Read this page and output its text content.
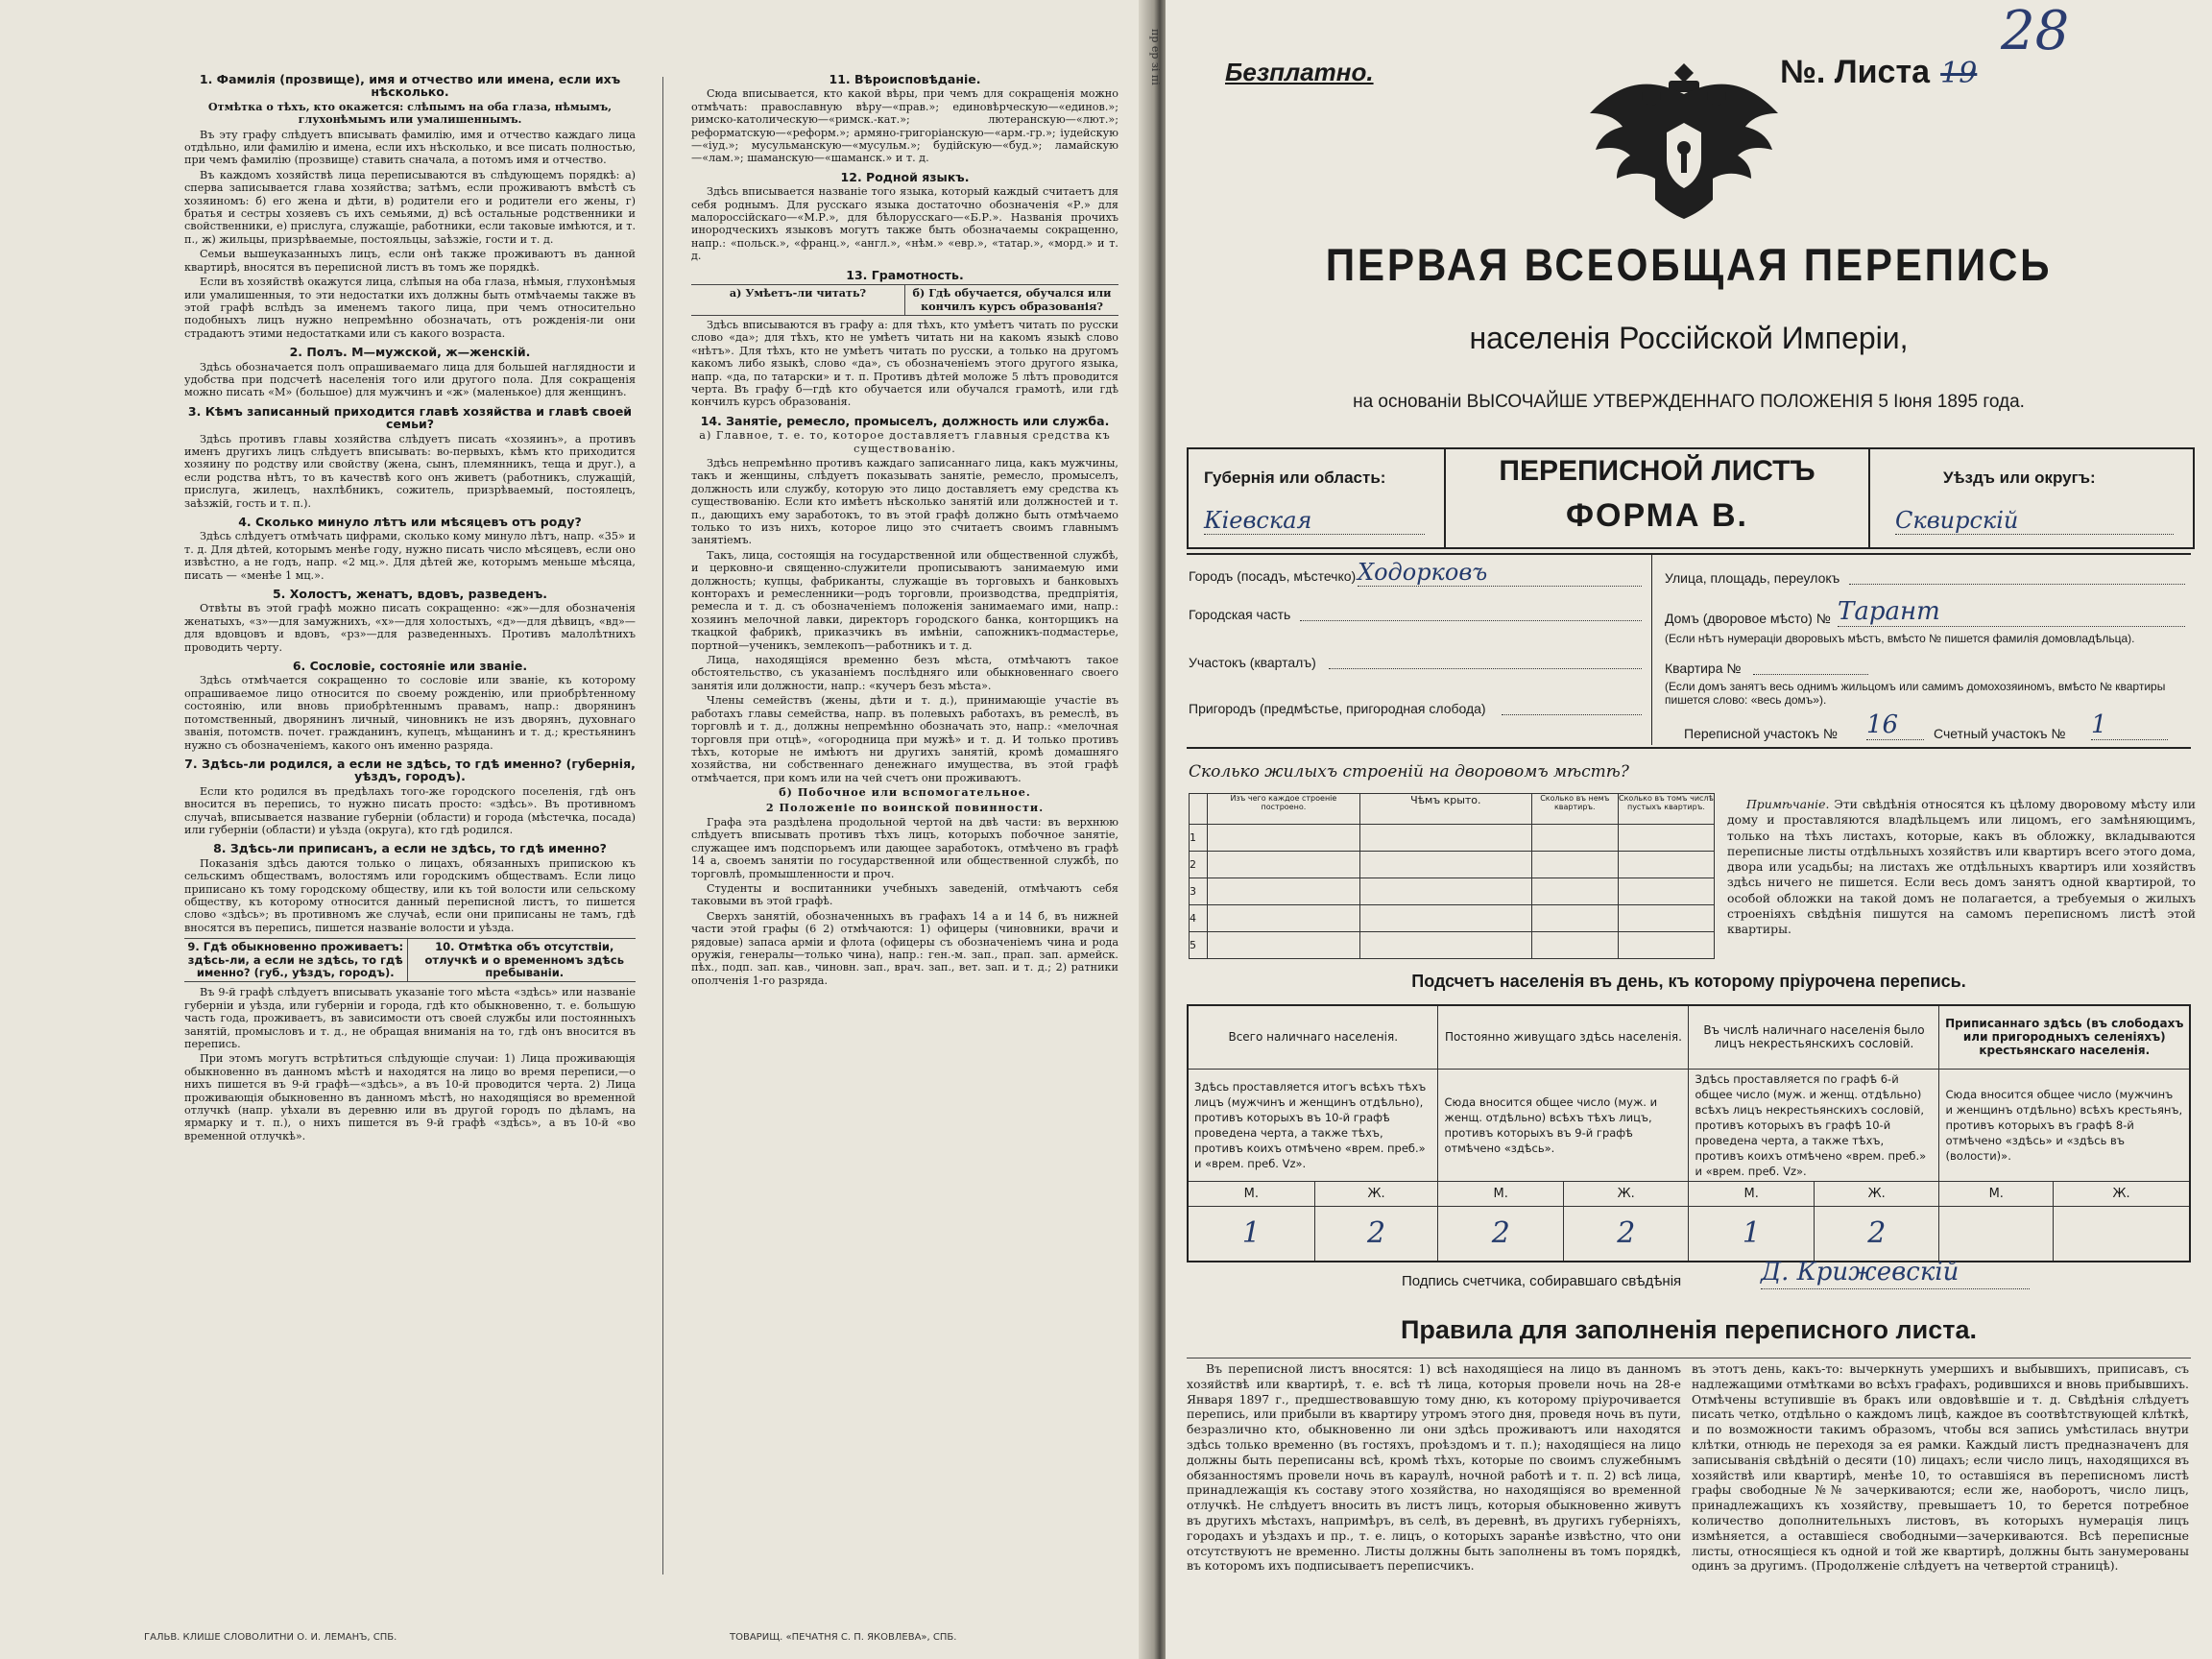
1. Фамилія (прозвище), имя и отчество или имена, если ихъ нѣсколько.
Отмѣтка о тѣхъ, кто окажется: слѣпымъ на оба глаза, нѣмымъ, глухонѣмымъ или умалишеннымъ.

Въ эту графу слѣдуетъ вписывать фамилію, имя и отчество каждаго лица отдѣльно, или фамилію и имена, если ихъ нѣсколько, и все писать полностью, при чемъ фамилію (прозвище) ставить сначала, а потомъ имя и отчество.

Въ каждомъ хозяйствѣ лица переписываются въ слѣдующемъ порядкѣ: а) сперва записывается глава хозяйства; затѣмъ, если проживаютъ вмѣстѣ съ хозяиномъ: б) его жена и дѣти, в) родители его и родители его жены, г) братья и сестры хозяевъ съ ихъ семьями, д) всѣ остальные родственники и свойственники, е) прислуга, служащіе, работники, если таковые имѣются, и т. п., ж) жильцы, призрѣваемые, постояльцы, заѣзжіе, гости и т. д.

Семьи вышеуказанныхъ лицъ, если онѣ также проживаютъ въ данной квартирѣ, вносятся въ переписной листъ въ томъ же порядкѣ.

Если въ хозяйствѣ окажутся лица, слѣпыя на оба глаза, нѣмыя, глухонѣмыя или умалишенныя, то эти недостатки ихъ должны быть отмѣчаемы также въ этой графѣ вслѣдъ за именемъ такого лица, при чемъ относительно подобныхъ лицъ нужно непремѣнно обозначать, отъ рожденія-ли они страдаютъ этими недостатками или съ какого возраста.

2. Полъ. М—мужской, ж—женскій.

Здѣсь обозначается полъ опрашиваемаго лица для большей наглядности и удобства при подсчетѣ населенія того или другого пола. Для сокращенія можно писать «М» (большое) для мужчинъ и «ж» (маленькое) для женщинъ.

3. Кѣмъ записанный приходится главѣ хозяйства и главѣ своей семьи?

Здѣсь противъ главы хозяйства слѣдуетъ писать «хозяинъ», а противъ именъ другихъ лицъ слѣдуетъ вписывать: во-первыхъ, кѣмъ кто приходится хозяину по родству или свойству (жена, сынъ, племянникъ, теща и друг.), а если родства нѣтъ, то въ качествѣ кого онъ живетъ (работникъ, служащій, прислуга, жилецъ, нахлѣбникъ, сожитель, призрѣваемый, постоялецъ, заѣзжій, гость и т. п.).

4. Сколько минуло лѣтъ или мѣсяцевъ отъ роду?

Здѣсь слѣдуетъ отмѣчать цифрами, сколько кому минуло лѣтъ, напр. «35» и т. д. Для дѣтей, которымъ менѣе году, нужно писать число мѣсяцевъ, если оно извѣстно, а не годъ, напр. «2 мц.». Для дѣтей же, которымъ меньше мѣсяца, писать — «менѣе 1 мц.».

5. Холостъ, женатъ, вдовъ, разведенъ.

Отвѣты въ этой графѣ можно писать сокращенно: «ж»—для обозначенія женатыхъ, «з»—для замужнихъ, «х»—для холостыхъ, «д»—для дѣвицъ, «вд»—для вдовцовъ и вдовъ, «рз»—для разведенныхъ. Противъ малолѣтнихъ проводить черту.

6. Сословіе, состояніе или званіе.

Здѣсь отмѣчается сокращенно то сословіе или званіе, къ которому опрашиваемое лицо относится по своему рожденію, или приобрѣтенному состоянію, или вновь приобрѣтеннымъ правамъ, напр.: дворянинъ потомственный, дворянинъ личный, чиновникъ не изъ дворянъ, духовнаго званія, потомств. почет. гражданинъ, купецъ, мѣщанинъ и т. д.; крестьянинъ нужно съ обозначеніемъ, какого онъ именно разряда.

7. Здѣсь-ли родился, а если не здѣсь, то гдѣ именно? (губернія, уѣздъ, городъ).

Если кто родился въ предѣлахъ того-же городского поселенія, гдѣ онъ вносится въ перепись, то нужно писать просто: «здѣсь». Въ противномъ случаѣ, вписывается название губерніи (области) и города (мѣстечка, посада) или губерніи (области) и уѣзда (округа), кто гдѣ родился.

8. Здѣсь-ли приписанъ, а если не здѣсь, то гдѣ именно?

Показанія здѣсь даются только о лицахъ, обязанныхъ припискою къ сельскимъ обществамъ, волостямъ или городскимъ обществамъ. Если лицо приписано къ тому городскому обществу, или къ той волости или сельскому обществу, къ которому относится данный переписной листъ, то пишется слово «здѣсь»; въ противномъ же случаѣ, если они приписаны не тамъ, гдѣ вносятся въ перепись, пишется названіе волости и уѣзда.

9. Гдѣ обыкновенно проживаетъ: здѣсь-ли, а если не здѣсь, то гдѣ именно? (губ., уѣздъ, городъ).
10. Отмѣтка объ отсутствіи, отлучкѣ и о временномъ здѣсь пребываніи.

Въ 9-й графѣ слѣдуетъ вписывать указаніе того мѣста «здѣсь» или названіе губерніи и уѣзда, или губерніи и города, гдѣ кто обыкновенно, т. е. большую часть года, проживаетъ, въ зависимости отъ своей службы или постоянныхъ занятій, промысловъ и т. д., не обращая вниманія на то, гдѣ онъ вносится въ перепись.

При этомъ могутъ встрѣтиться слѣдующіе случаи: 1) Лица проживающія обыкновенно въ данномъ мѣстѣ и находятся на лицо во время переписи,—о нихъ пишется въ 9-й графѣ—«здѣсь», а въ 10-й проводится черта. 2) Лица проживающія обыкновенно въ данномъ мѣстѣ, но находящіяся во временной отлучкѣ (напр. уѣхали въ деревню или въ другой городъ по дѣламъ, на ярмарку и т. п.), о нихъ пишется въ 9-й графѣ «здѣсь», а въ 10-й «во временной отлучкѣ».

11. Вѣроисповѣданіе.

Сюда вписывается, кто какой вѣры, при чемъ для сокращенія можно отмѣчать: православную вѣру—«прав.»; единовѣрческую—«единов.»; римско-католическую—«римск.-кат.»; лютеранскую—«лют.»; реформатскую—«реформ.»; армяно-григоріанскую—«арм.-гр.»; іудейскую—«іуд.»; мусульманскую—«мусульм.»; будійскую—«буд.»; ламайскую—«лам.»; шаманскую—«шаманск.» и т. д.

12. Родной языкъ.

Здѣсь вписывается названіе того языка, который каждый считаетъ для себя роднымъ. Для русскаго языка достаточно обозначенія «Р.» для малороссійскаго—«М.Р.», для бѣлорусскаго—«Б.Р.». Названія прочихъ инородческихъ языковъ могутъ также быть обозначаемы сокращенно, напр.: «польск.», «франц.», «англ.», «нѣм.» «евр.», «татар.», «морд.» и т. д.

13. Грамотность.
а) Умѣетъ-ли читать?	б) Гдѣ обучается, обучался или кончилъ курсъ образованія?

Здѣсь вписываются въ графу а: для тѣхъ, кто умѣетъ читать по русски слово «да»; для тѣхъ, кто не умѣетъ читать ни на какомъ языкѣ слово «нѣтъ». Для тѣхъ, кто не умѣетъ читать по русски, а только на другомъ какомъ либо языкѣ, слово «да», съ обозначеніемъ этого другого языка, напр. «да, по татарски» и т. п. Противъ дѣтей моложе 5 лѣтъ проводится черта. Въ графу б—гдѣ кто обучается или обучался грамотѣ, или гдѣ кончилъ курсъ образованія.

14. Занятіе, ремесло, промыселъ, должность или служба.
а) Главное, т. е. то, которое доставляетъ главныя средства къ существованію.

Здѣсь непремѣнно противъ каждаго записаннаго лица, какъ мужчины, такъ и женщины, слѣдуетъ показывать занятіе, ремесло, промыселъ, должность или службу, которую это лицо доставляетъ ему средства къ существованію. Если кто имѣетъ нѣсколько занятій или должностей и т. п., дающихъ ему заработокъ, то въ этой графѣ должно быть отмѣчаемо только то изъ нихъ, которое лицо это считаетъ своимъ главнымъ занятіемъ.

Такъ, лица, состоящія на государственной или общественной службѣ, и церковно-и священно-служители прописываютъ занимаемую ими должность; купцы, фабриканты, служащіе въ торговыхъ и банковыхъ конторахъ и ремесленники—родъ торговли, производства, предпріятія, ремесла и т. д. съ обозначеніемъ положенія занимаемаго ими, напр.: хозяинъ мелочной лавки, директоръ городского банка, конторщикъ на ткацкой фабрикѣ, приказчикъ въ имѣніи, сапожникъ-подмастерье, портной—ученикъ, землекопъ—работникъ и т. д.

Лица, находящіяся временно безъ мѣста, отмѣчаютъ такое обстоятельство, съ указаніемъ послѣдняго или обыкновеннаго своего занятія или должности, напр.: «кучеръ безъ мѣста».

Члены семействъ (жены, дѣти и т. д.), принимающіе участіе въ работахъ главы семейства, напр. въ полевыхъ работахъ, въ ремеслѣ, въ торговлѣ и т. д., должны непремѣнно обозначать это, напр.: «мелочная торговля при отцѣ», «огородница при мужѣ» и т. д. И только противъ тѣхъ, которые не имѣютъ ни другихъ занятій, кромѣ домашняго хозяйства, ни собственнаго денежнаго имущества, въ этой графѣ отмѣчается, при комъ или на чей счетъ они проживаютъ.

б) Побочное или вспомогательное.
2 Положеніе по воинской повинности.

Графа эта раздѣлена продольной чертой на двѣ части: въ верхнюю слѣдуетъ вписывать противъ тѣхъ лицъ, которыхъ побочное занятіе, служащее имъ подспорьемъ или дающее заработокъ, отмѣчено въ графѣ 14 а, своемъ занятіи по государственной или общественной службѣ, по торговлѣ, промышленности и проч.

Студенты и воспитанники учебныхъ заведеній, отмѣчаютъ себя таковыми въ этой графѣ.

Сверхъ занятій, обозначенныхъ въ графахъ 14 а и 14 б, въ нижней части этой графы (6 2) отмѣчаются: 1) офицеры (чиновники, врачи и рядовые) запаса арміи и флота (офицеры съ обозначеніемъ чина и рода оружія, генералы—только чина), напр.: ген.-м. зап., прап. зап. армейск. пѣх., подп. зап. кав., чиновн. зап., врач. зап., вет. зап. и т. д.; 2) ратники ополченія 1-го разряда.

ГАЛЬВ. КЛИШЕ СЛОВОЛИТНИ О. И. ЛЕМАНЪ, СПБ.	ТОВАРИЩ. «ПЕЧАТНЯ С. П. ЯКОВЛЕВА», СПБ.
пр ер зі пі	Безплатно.	№. Листа 19
28
ПЕРВАЯ ВСЕОБЩАЯ ПЕРЕПИСЬ
населенія Россійской Имперіи,
на основаніи ВЫСОЧАЙШЕ УТВЕРЖДЕННАГО ПОЛОЖЕНІЯ 5 Іюня 1895 года.
Губернія или область:
Кіевская
ПЕРЕПИСНОЙ ЛИСТЪ
ФОРМА В.
Уѣздъ или округъ:
Сквирскій
Городъ (посадъ, мѣстечко) Ходорковъ
Городская часть
Участокъ (кварталъ)
Пригородъ (предмѣстье, пригородная слобода)
Улица, площадь, переулокъ
Домъ (дворовое мѣсто) № Тарант
(Если нѣтъ нумераціи дворовыхъ мѣстъ, вмѣсто № пишется фамилія домовладѣльца).
Квартира №
(Если домъ занятъ весь однимъ жильцомъ или самимъ домохозяиномъ, вмѣсто № квартиры пишется слово: «весь домъ»).
Переписной участокъ № 16	Счетный участокъ № 1
Сколько жилыхъ строеній на дворовомъ мѣстѣ?
	Изъ чего каждое строеніе построено.	Чѣмъ крыто.	Сколько въ немъ квартиръ.	Сколько въ томъ числѣ пустыхъ квартиръ.
1				
2				
3				
4				
5				
Примѣчаніе. Эти свѣдѣнія относятся къ цѣлому дворовому мѣсту или дому и проставляются владѣльцемъ или лицомъ, его замѣняющимъ, только на тѣхъ листахъ, которые, какъ въ обложку, вкладываются переписные листы отдѣльныхъ хозяйствъ или квартиръ всего этого дома, двора или усадьбы; на листахъ же отдѣльныхъ квартиръ или хозяйствъ здѣсь ничего не пишется. Если весь домъ занятъ одной квартирой, то особой обложки на такой домъ не полагается, а требуемыя о жилыхъ строеніяхъ свѣдѣнія пишутся на самомъ переписномъ листѣ этой квартиры.
Подсчетъ населенія въ день, къ которому пріурочена перепись.
Всего наличнаго населенія.		Постоянно живущаго здѣсь населенія.		Въ числѣ наличнаго населенія было лицъ некрестьянскихъ сословій.		Приписаннаго здѣсь (въ слободахъ или пригородныхъ селеніяхъ) крестьянскаго населенія.	
Здѣсь проставляется итогъ всѣхъ тѣхъ лицъ (мужчинъ и женщинъ отдѣльно), противъ которыхъ въ 10-й графѣ проведена черта, а также тѣхъ, противъ коихъ отмѣчено «врем. преб.» и «врем. преб. Vz».		Сюда вносится общее число (муж. и женщ. отдѣльно) всѣхъ тѣхъ лицъ, противъ которыхъ въ 9-й графѣ отмѣчено «здѣсь».		Здѣсь проставляется по графѣ 6-й общее число (муж. и женщ. отдѣльно) всѣхъ лицъ некрестьянскихъ сословій, противъ которыхъ въ графѣ 10-й проведена черта, а также тѣхъ, противъ коихъ отмѣчено «врем. преб.» и «врем. преб. Vz».		Сюда вносится общее число (мужчинъ и женщинъ отдѣльно) всѣхъ крестьянъ, противъ которыхъ въ графѣ 8-й отмѣчено «здѣсь» и «здѣсь въ (волости)».	
М.	Ж.	М.	Ж.	М.	Ж.	М.	Ж.
1	2	2	2	1	2		
Подпись счетчика, собиравшаго свѣдѣнія	Д. Крижевскій
Правила для заполненія переписного листа.
Въ переписной листъ вносятся: 1) всѣ находящіеся на лицо въ данномъ хозяйствѣ или квартирѣ, т. е. всѣ тѣ лица, которыя провели ночь на 28-е Января 1897 г., предшествовавшую тому дню, къ которому пріурочивается перепись, или прибыли въ квартиру утромъ этого дня, проведя ночь въ пути, безразлично кто, обыкновенно ли они здѣсь проживаютъ или находятся здѣсь только временно (въ гостяхъ, проѣздомъ и т. п.); находящіеся на лицо должны быть переписаны всѣ, кромѣ тѣхъ, которые по своимъ служебнымъ обязанностямъ провели ночь въ караулѣ, ночной работѣ и т. п. 2) всѣ лица, принадлежащія къ составу этого хозяйства, но находящіяся во временной отлучкѣ. Не слѣдуетъ вносить въ листъ лицъ, которыя обыкновенно живутъ въ другихъ мѣстахъ, напримѣръ, въ селѣ, въ деревнѣ, въ другихъ губерніяхъ, городахъ и уѣздахъ и пр., т. е. лицъ, о которыхъ заранѣе извѣстно, что они отсутствуютъ не временно. Листы должны быть заполнены въ томъ порядкѣ, въ которомъ ихъ подписываетъ переписчикъ.
въ этотъ день, какъ-то: вычеркнуть умершихъ и выбывшихъ, приписавъ, съ надлежащими отмѣтками во всѣхъ графахъ, родившихся и вновь прибывшихъ. Отмѣчены вступившіе въ бракъ или овдовѣвшіе и т. д. Свѣдѣнія слѣдуетъ писать четко, отдѣльно о каждомъ лицѣ, каждое въ соотвѣтствующей клѣткѣ, и по возможности такимъ образомъ, чтобы вся запись умѣстилась внутри клѣтки, отнюдь не переходя за ея рамки. Каждый листъ предназначенъ для записыванія свѣдѣній о десяти (10) лицахъ; если число лицъ, находящихся въ хозяйствѣ или квартирѣ, менѣе 10, то оставшіяся въ переписномъ листѣ графы свободные №№ зачеркиваются; если же, наоборотъ, число лицъ, принадлежащихъ къ хозяйству, превышаетъ 10, то берется потребное количество дополнительныхъ листовъ, въ которыхъ нумерація лицъ измѣняется, а оставшіеся свободными—зачеркиваются. Всѣ переписные листы, относящіеся къ одной и той же квартирѣ, должны быть занумерованы одинъ за другимъ. (Продолженіе слѣдуетъ на четвертой страницѣ).
